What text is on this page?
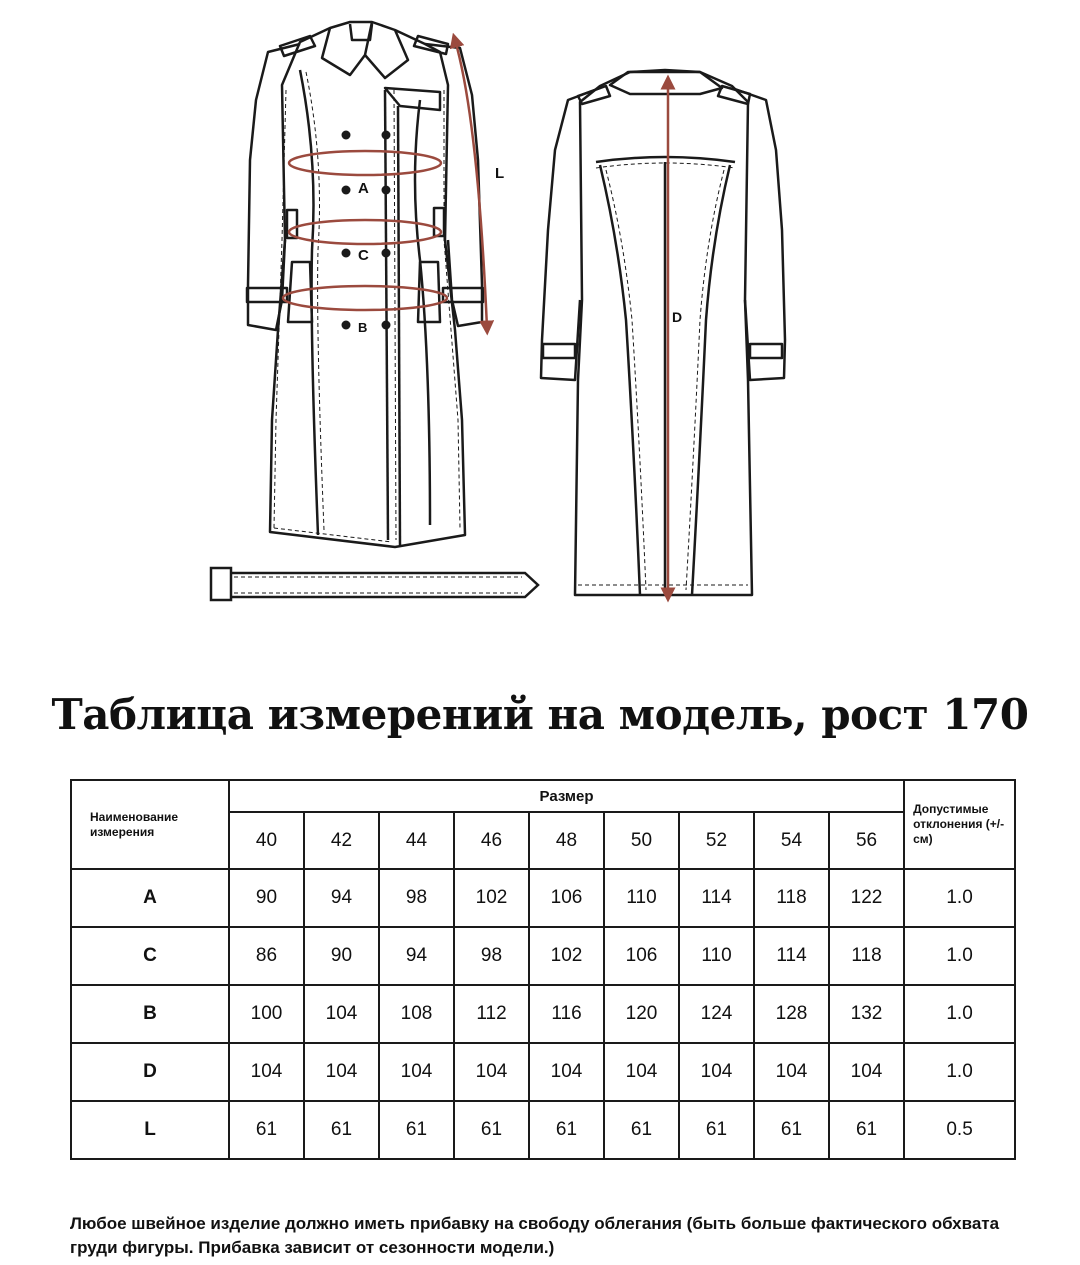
A
C
B
L
D
Таблица измерений на модель, рост 170
Наименование измерения	Размер									Допустимые отклонения (+/- см)
	40	42	44	46	48	50	52	54	56	
A	90	94	98	102	106	110	114	118	122	1.0
C	86	90	94	98	102	106	110	114	118	1.0
B	100	104	108	112	116	120	124	128	132	1.0
D	104	104	104	104	104	104	104	104	104	1.0
L	61	61	61	61	61	61	61	61	61	0.5
Любое швейное изделие должно иметь прибавку на свободу облегания (быть больше фактического обхвата груди фигуры. Прибавка зависит от сезонности модели.)
